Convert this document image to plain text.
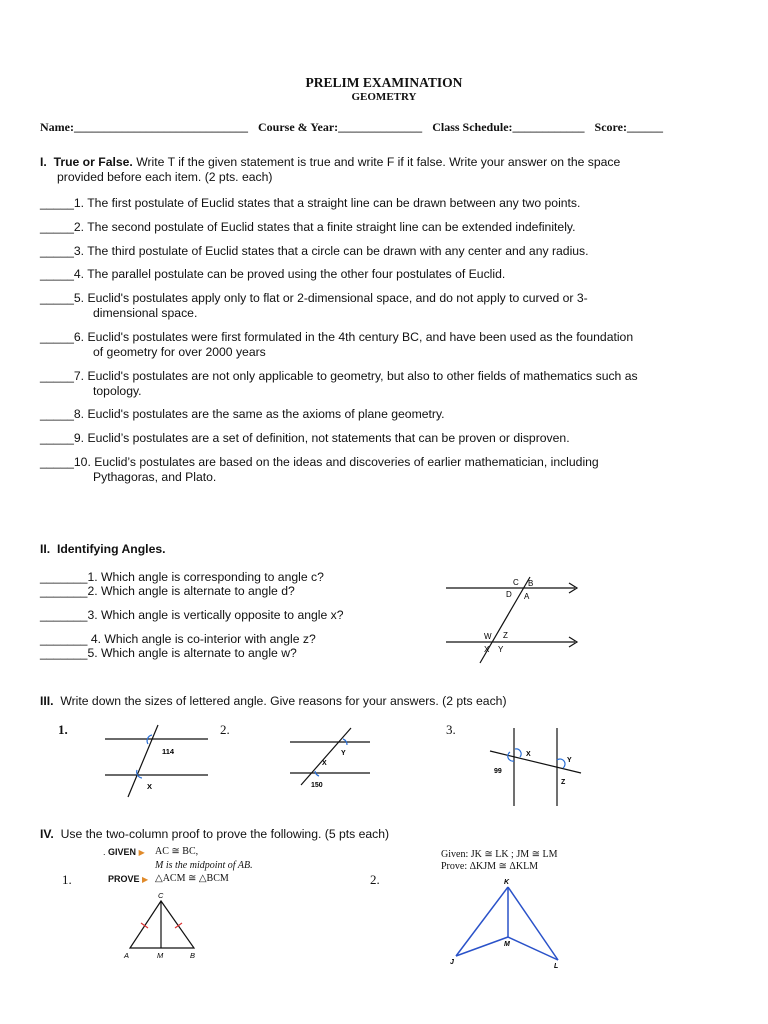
PRELIM EXAMINATION
GEOMETRY
Name:_____________________________ Course & Year:______________ Class Schedule:____________ Score:______
I. True or False. Write T if the given statement is true and write F if it false. Write your answer on the space
provided before each item. (2 pts. each)
_____1. The first postulate of Euclid states that a straight line can be drawn between any two points.
_____2. The second postulate of Euclid states that a finite straight line can be extended indefinitely.
_____3. The third postulate of Euclid states that a circle can be drawn with any center and any radius.
_____4. The parallel postulate can be proved using the other four postulates of Euclid.
_____5. Euclid's postulates apply only to flat or 2-dimensional space, and do not apply to curved or 3-
dimensional space.
_____6. Euclid's postulates were first formulated in the 4th century BC, and have been used as the foundation
of geometry for over 2000 years
_____7. Euclid's postulates are not only applicable to geometry, but also to other fields of mathematics such as
topology.
_____8. Euclid's postulates are the same as the axioms of plane geometry.
_____9. Euclid’s postulates are a set of definition, not statements that can be proven or disproven.
_____10. Euclid’s postulates are based on the ideas and discoveries of earlier mathematician, including
Pythagoras, and Plato.
II. Identifying Angles.
_______1. Which angle is corresponding to angle c?
_______2. Which angle is alternate to angle d?
_______3. Which angle is vertically opposite to angle x?
_______ 4. Which angle is co-interior with angle z?
_______5. Which angle is alternate to angle w?
C B
D A
W Z
X Y
III. Write down the sizes of lettered angle. Give reasons for your answers. (2 pts each)
1.
114
X
2.
Y
X
150
3.
99
X
Y
Z
IV. Use the two-column proof to prove the following. (5 pts each)
. GIVEN ▶ AC ≅ BC,
M is the midpoint of AB.
1.	PROVE ▶ △ACM ≅ △BCM
C
A	M	B
Given: JK ≅ LK ; JM ≅ LM
Prove: ΔKJM ≅ ΔKLM
2.	K
M
J
L
